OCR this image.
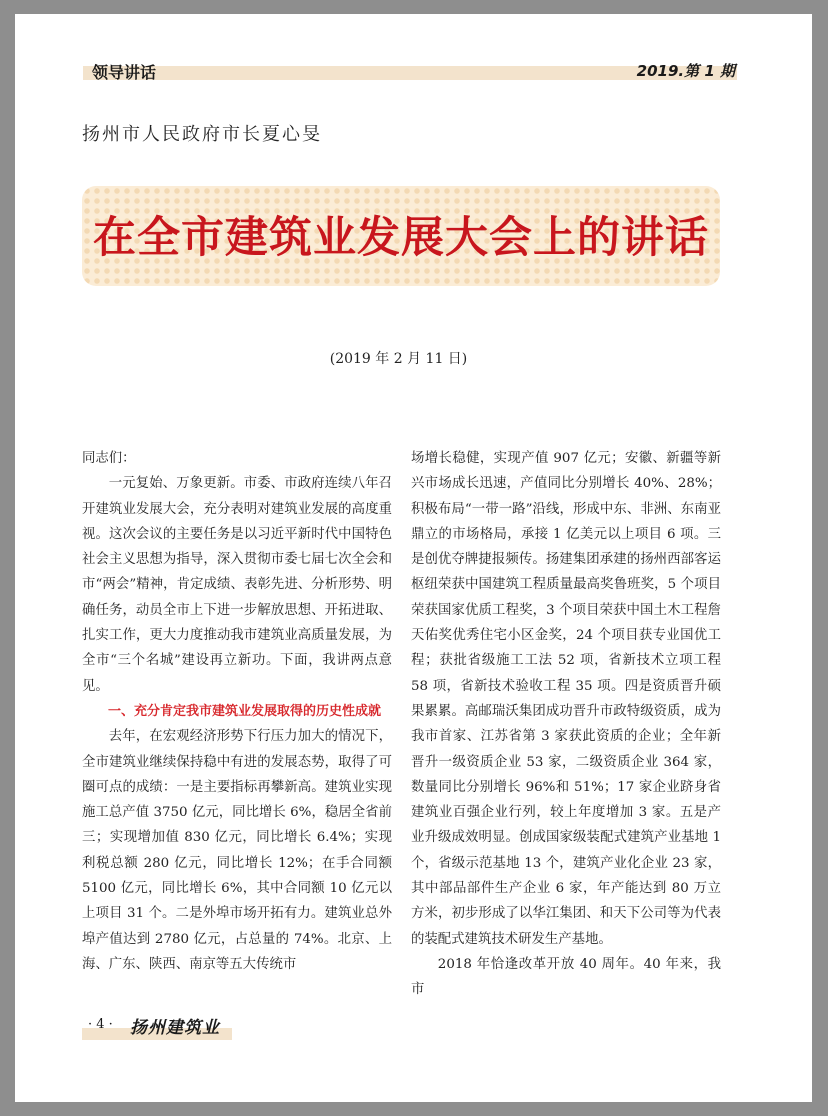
领导讲话	2019.第 1 期
扬州市人民政府市长夏心旻
在全市建筑业发展大会上的讲话
(2019 年 2 月 11 日)

同志们：

一元复始、万象更新。市委、市政府连续八年召开建筑业发展大会，充分表明对建筑业发展的高度重视。这次会议的主要任务是以习近平新时代中国特色社会主义思想为指导，深入贯彻市委七届七次全会和市“两会”精神，肯定成绩、表彰先进、分析形势、明确任务，动员全市上下进一步解放思想、开拓进取、扎实工作，更大力度推动我市建筑业高质量发展，为全市“三个名城”建设再立新功。下面，我讲两点意见。

一、充分肯定我市建筑业发展取得的历史性成就

去年，在宏观经济形势下行压力加大的情况下，全市建筑业继续保持稳中有进的发展态势，取得了可圈可点的成绩：一是主要指标再攀新高。建筑业实现施工总产值 3750 亿元，同比增长 6%，稳居全省前三；实现增加值 830 亿元，同比增长 6.4%；实现利税总额 280 亿元，同比增长 12%；在手合同额 5100 亿元，同比增长 6%，其中合同额 10 亿元以上项目 31 个。二是外埠市场开拓有力。建筑业总外埠产值达到 2780 亿元，占总量的 74%。北京、上海、广东、陕西、南京等五大传统市

场增长稳健，实现产值 907 亿元；安徽、新疆等新兴市场成长迅速，产值同比分别增长 40%、28%；积极布局“一带一路”沿线，形成中东、非洲、东南亚鼎立的市场格局，承接 1 亿美元以上项目 6 项。三是创优夺牌捷报频传。扬建集团承建的扬州西部客运枢纽荣获中国建筑工程质量最高奖鲁班奖，5 个项目荣获国家优质工程奖，3 个项目荣获中国土木工程詹天佑奖优秀住宅小区金奖，24 个项目获专业国优工程；获批省级施工工法 52 项，省新技术立项工程 58 项，省新技术验收工程 35 项。四是资质晋升硕果累累。高邮瑞沃集团成功晋升市政特级资质，成为我市首家、江苏省第 3 家获此资质的企业；全年新晋升一级资质企业 53 家，二级资质企业 364 家，数量同比分别增长 96%和 51%；17 家企业跻身省建筑业百强企业行列，较上年度增加 3 家。五是产业升级成效明显。创成国家级装配式建筑产业基地 1 个，省级示范基地 13 个，建筑产业化企业 23 家，其中部品部件生产企业 6 家，年产能达到 80 万立方米，初步形成了以华江集团、和天下公司等为代表的装配式建筑技术研发生产基地。

2018 年恰逢改革开放 40 周年。40 年来，我市

· 4 · 扬州建筑业
